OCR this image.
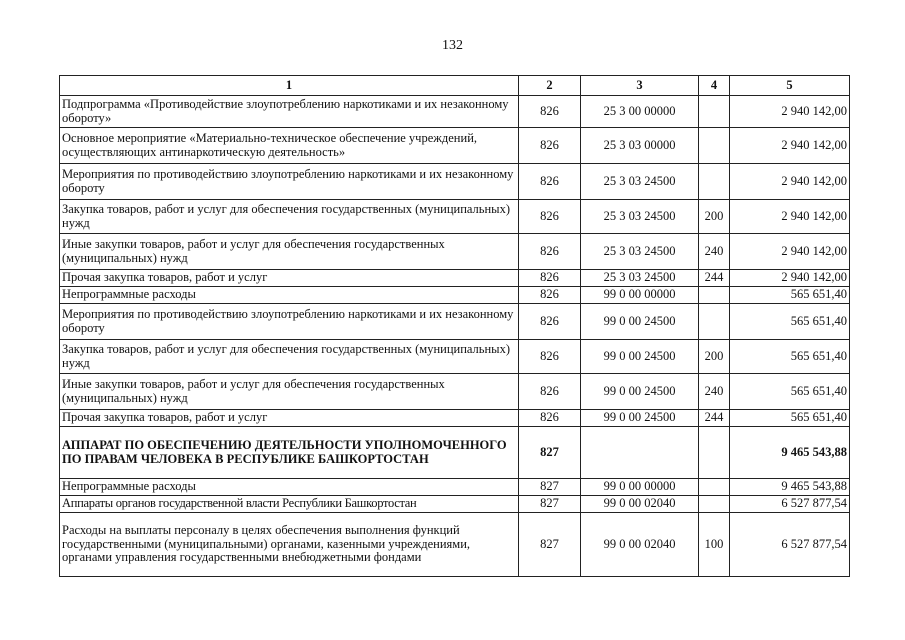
132
1	2	3	4	5
Подпрограмма «Противодействие злоупотреблению наркотиками и их незаконному обороту»	826	25 3 00 00000		2 940 142,00
Основное мероприятие «Материально-техническое обеспечение учреждений, осуществляющих антинаркотическую деятельность»	826	25 3 03 00000		2 940 142,00
Мероприятия по противодействию злоупотреблению наркотиками и их незаконному обороту	826	25 3 03 24500		2 940 142,00
Закупка товаров, работ и услуг для обеспечения государственных (муниципальных) нужд	826	25 3 03 24500	200	2 940 142,00
Иные закупки товаров, работ и услуг для обеспечения государственных (муниципальных) нужд	826	25 3 03 24500	240	2 940 142,00
Прочая закупка товаров, работ и услуг	826	25 3 03 24500	244	2 940 142,00
Непрограммные расходы	826	99 0 00 00000		565 651,40
Мероприятия по противодействию злоупотреблению наркотиками и их незаконному обороту	826	99 0 00 24500		565 651,40
Закупка товаров, работ и услуг для обеспечения государственных (муниципальных) нужд	826	99 0 00 24500	200	565 651,40
Иные закупки товаров, работ и услуг для обеспечения государственных (муниципальных) нужд	826	99 0 00 24500	240	565 651,40
Прочая закупка товаров, работ и услуг	826	99 0 00 24500	244	565 651,40
АППАРАТ ПО ОБЕСПЕЧЕНИЮ ДЕЯТЕЛЬНОСТИ УПОЛНОМОЧЕННОГО ПО ПРАВАМ ЧЕЛОВЕКА В РЕСПУБЛИКЕ БАШКОРТОСТАН	827			9 465 543,88
Непрограммные расходы	827	99 0 00 00000		9 465 543,88
Аппараты органов государственной власти Республики Башкортостан	827	99 0 00 02040		6 527 877,54
Расходы на выплаты персоналу в целях обеспечения выполнения функций государственными (муниципальными) органами, казенными учреждениями, органами управления государственными внебюджетными фондами	827	99 0 00 02040	100	6 527 877,54
